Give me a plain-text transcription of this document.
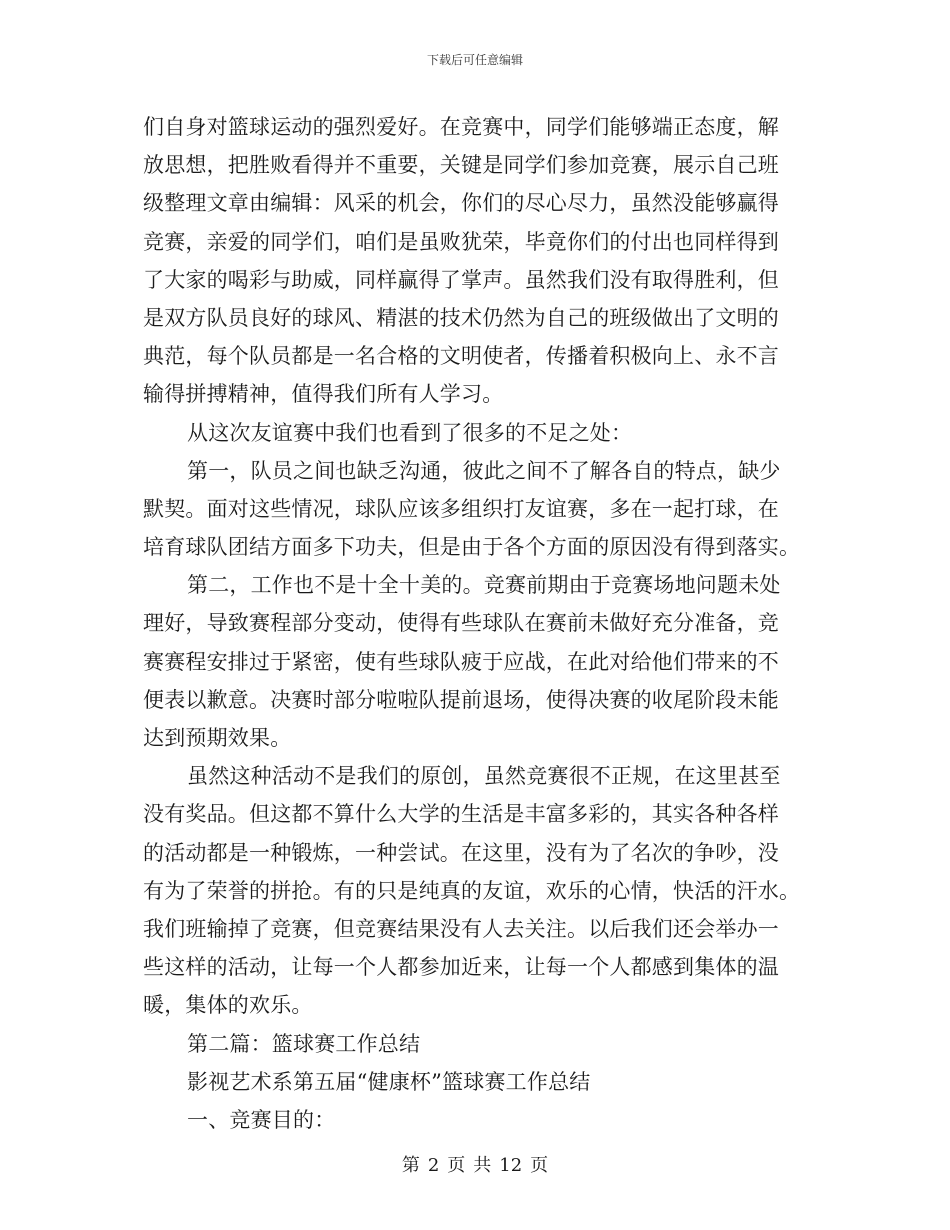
下载后可任意编辑
们自身对篮球运动的强烈爱好。在竞赛中，同学们能够端正态度，解
放思想，把胜败看得并不重要，关键是同学们参加竞赛，展示自己班
级整理文章由编辑：风采的机会，你们的尽心尽力，虽然没能够赢得
竞赛，亲爱的同学们，咱们是虽败犹荣，毕竟你们的付出也同样得到
了大家的喝彩与助威，同样赢得了掌声。虽然我们没有取得胜利，但
是双方队员良好的球风、精湛的技术仍然为自己的班级做出了文明的
典范，每个队员都是一名合格的文明使者，传播着积极向上、永不言
输得拼搏精神，值得我们所有人学习。
从这次友谊赛中我们也看到了很多的不足之处：
第一，队员之间也缺乏沟通，彼此之间不了解各自的特点，缺少
默契。面对这些情况，球队应该多组织打友谊赛，多在一起打球，在
培育球队团结方面多下功夫，但是由于各个方面的原因没有得到落实。
第二，工作也不是十全十美的。竞赛前期由于竞赛场地问题未处
理好，导致赛程部分变动，使得有些球队在赛前未做好充分准备，竞
赛赛程安排过于紧密，使有些球队疲于应战，在此对给他们带来的不
便表以歉意。决赛时部分啦啦队提前退场，使得决赛的收尾阶段未能
达到预期效果。
虽然这种活动不是我们的原创，虽然竞赛很不正规，在这里甚至
没有奖品。但这都不算什么大学的生活是丰富多彩的，其实各种各样
的活动都是一种锻炼，一种尝试。在这里，没有为了名次的争吵，没
有为了荣誉的拼抢。有的只是纯真的友谊，欢乐的心情，快活的汗水。
我们班输掉了竞赛，但竞赛结果没有人去关注。以后我们还会举办一
些这样的活动，让每一个人都参加近来，让每一个人都感到集体的温
暖，集体的欢乐。
第二篇：篮球赛工作总结
影视艺术系第五届“健康杯”篮球赛工作总结
一、竞赛目的：
第 2 页 共 12 页
